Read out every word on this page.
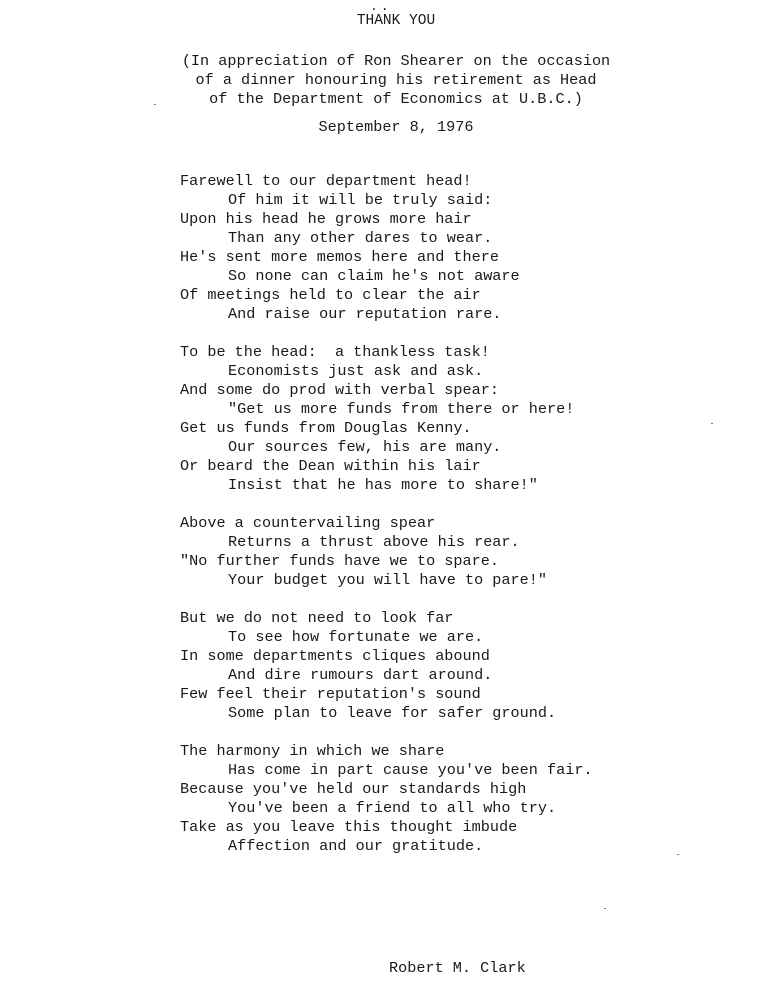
..
THANK YOU
(In appreciation of Ron Shearer on the occasion
of a dinner honouring his retirement as Head
of the Department of Economics at U.B.C.)
September 8, 1976
Farewell to our department head!
Of him it will be truly said:
Upon his head he grows more hair
Than any other dares to wear.
He's sent more memos here and there
So none can claim he's not aware
Of meetings held to clear the air
And raise our reputation rare.
To be the head:  a thankless task!
Economists just ask and ask.
And some do prod with verbal spear:
"Get us more funds from there or here!
Get us funds from Douglas Kenny.
Our sources few, his are many.
Or beard the Dean within his lair
Insist that he has more to share!"
Above a countervailing spear
Returns a thrust above his rear.
"No further funds have we to spare.
Your budget you will have to pare!"
But we do not need to look far
To see how fortunate we are.
In some departments cliques abound
And dire rumours dart around.
Few feel their reputation's sound
Some plan to leave for safer ground.
The harmony in which we share
Has come in part cause you've been fair.
Because you've held our standards high
You've been a friend to all who try.
Take as you leave this thought imbude
Affection and our gratitude.
Robert M. Clark
